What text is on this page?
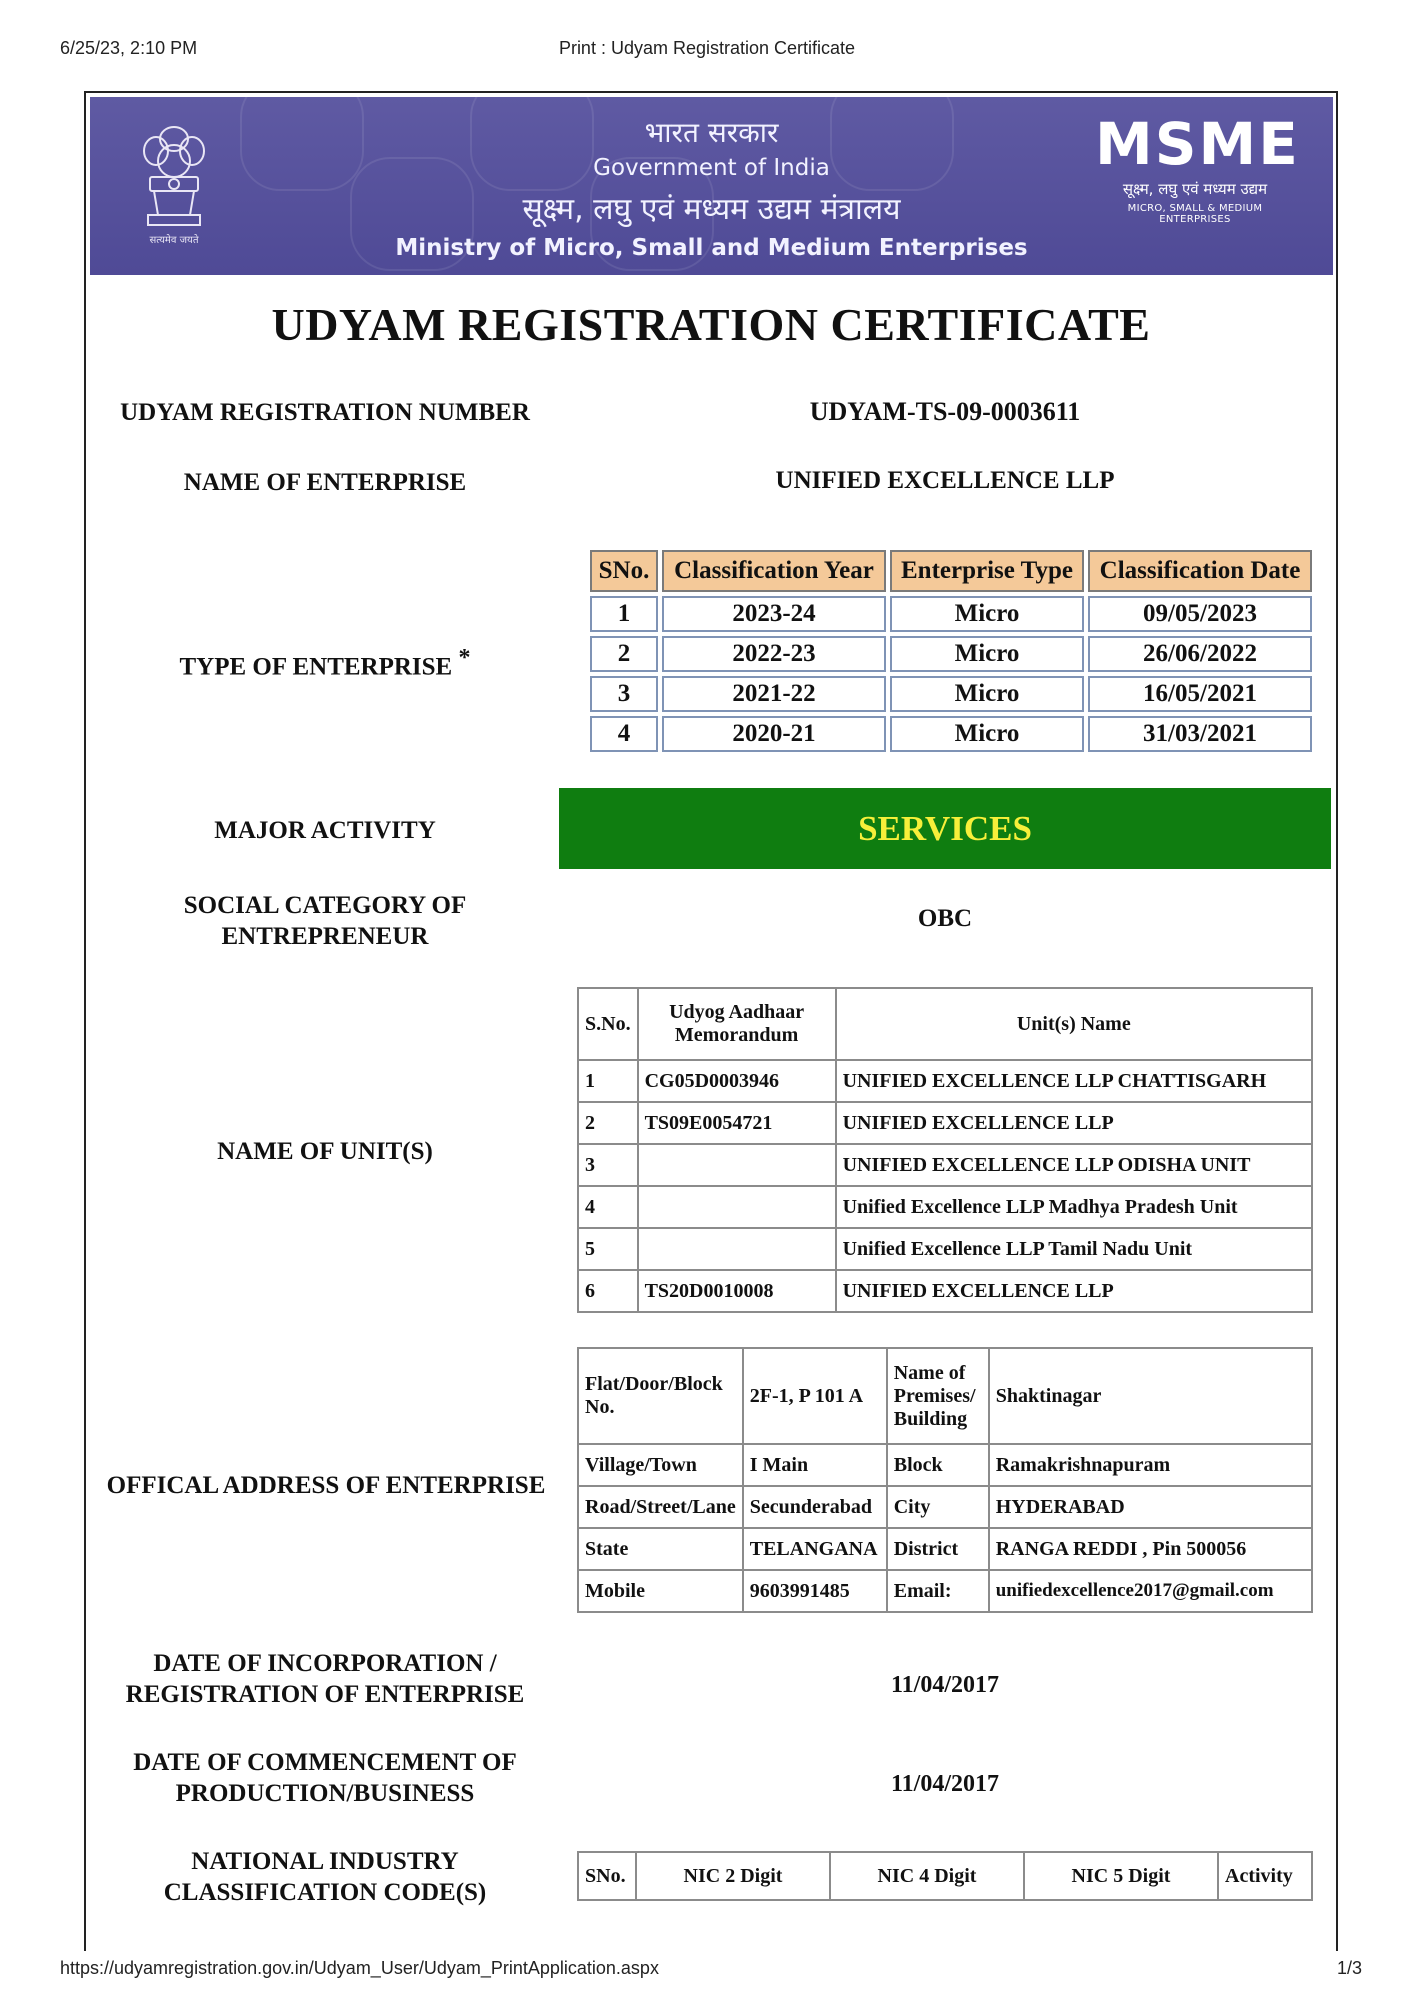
6/25/23, 2:10 PM	Print : Udyam Registration Certificate
सत्यमेव जयते
भारत सरकार
Government of India
सूक्ष्म, लघु एवं मध्यम उद्यम मंत्रालय
Ministry of Micro, Small and Medium Enterprises
MSME
सूक्ष्म, लघु एवं मध्यम उद्यम
MICRO, SMALL & MEDIUM ENTERPRISES
UDYAM REGISTRATION CERTIFICATE
UDYAM REGISTRATION NUMBER	UDYAM-TS-09-0003611
NAME OF ENTERPRISE	UNIFIED EXCELLENCE LLP
TYPE OF ENTERPRISE *
SNo.	Classification Year	Enterprise Type	Classification Date
1	2023-24	Micro	09/05/2023
2	2022-23	Micro	26/06/2022
3	2021-22	Micro	16/05/2021
4	2020-21	Micro	31/03/2021
MAJOR ACTIVITY	SERVICES
SOCIAL CATEGORY OF
ENTREPRENEUR
OBC
NAME OF UNIT(S)
S.No.	Udyog Aadhaar Memorandum	Unit(s) Name
1	CG05D0003946	UNIFIED EXCELLENCE LLP CHATTISGARH
2	TS09E0054721	UNIFIED EXCELLENCE LLP
3		UNIFIED EXCELLENCE LLP ODISHA UNIT
4		Unified Excellence LLP Madhya Pradesh Unit
5		Unified Excellence LLP Tamil Nadu Unit
6	TS20D0010008	UNIFIED EXCELLENCE LLP
OFFICAL ADDRESS OF ENTERPRISE
Flat/Door/Block No.	2F-1, P 101 A	Name of Premises/ Building	Shaktinagar
Village/Town	I Main	Block	Ramakrishnapuram
Road/Street/Lane	Secunderabad	City	HYDERABAD
State	TELANGANA	District	RANGA REDDI , Pin 500056
Mobile	9603991485	Email:	unifiedexcellence2017@gmail.com
DATE OF INCORPORATION /
REGISTRATION OF ENTERPRISE	11/04/2017
DATE OF COMMENCEMENT OF
PRODUCTION/BUSINESS	11/04/2017
NATIONAL INDUSTRY
CLASSIFICATION CODE(S)
SNo.	NIC 2 Digit	NIC 4 Digit	NIC 5 Digit	Activity
https://udyamregistration.gov.in/Udyam_User/Udyam_PrintApplication.aspx	1/3
